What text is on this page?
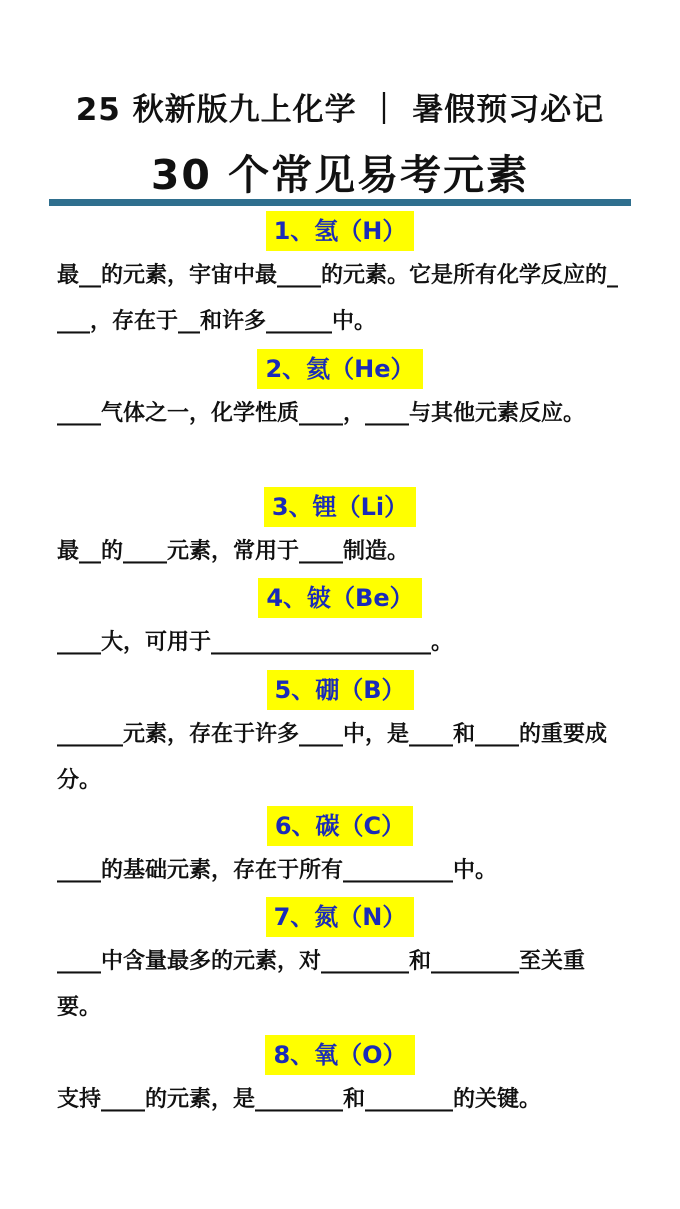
25 秋新版九上化学 ｜ 暑假预习必记
30 个常见易考元素
1、氢（H）
最__的元素，宇宙中最____的元素。它是所有化学反应的____，存在于__和许多______中。
2、氦（He）
____气体之一，化学性质____，____与其他元素反应。
3、锂（Li）
最__的____元素，常用于____制造。
4、铍（Be）
____大，可用于____________________。
5、硼（B）
______元素，存在于许多____中，是____和____的重要成分。
6、碳（C）
____的基础元素，存在于所有__________中。
7、氮（N）
____中含量最多的元素，对________和________至关重要。
8、氧（O）
支持____的元素，是________和________的关键。
